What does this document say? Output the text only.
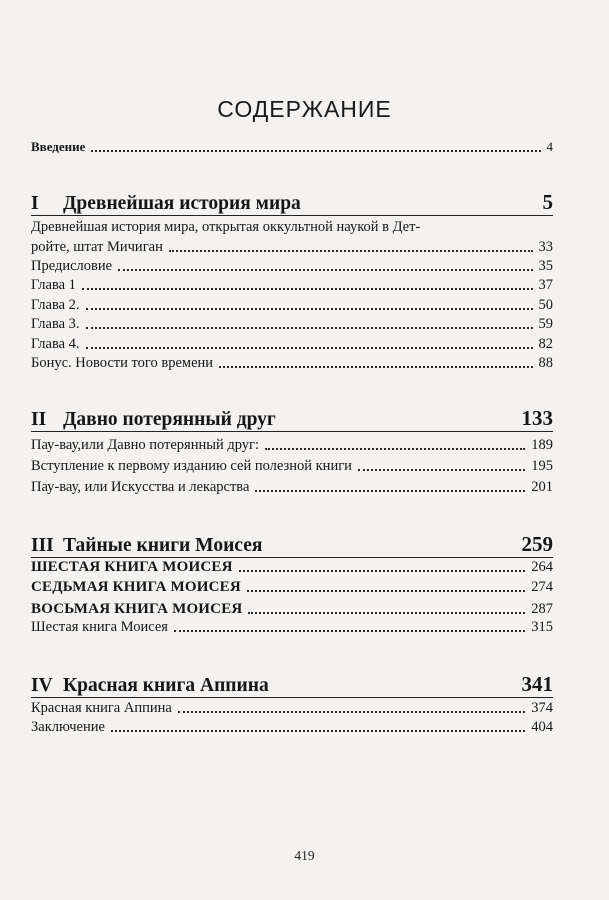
СОДЕРЖАНИЕ
Введение	4
I Древнейшая история мира	5
Древнейшая история мира, открытая оккультной наукой в Дет-
ройте, штат Мичиган	33
Предисловие	35
Глава 1	37
Глава 2.	50
Глава 3.	59
Глава 4.	82
Бонус. Новости того времени	88
II Давно потерянный друг	133
Пау-вау,или Давно потерянный друг:	189
Вступление к первому изданию сей полезной книги	195
Пау-вау, или Искусства и лекарства	201
III Тайные книги Моисея	259
ШЕСТАЯ КНИГА МОИСЕЯ	264
СЕДЬМАЯ КНИГА МОИСЕЯ	274
ВОСЬМАЯ КНИГА МОИСЕЯ	287
Шестая книга Моисея	315
IV Красная книга Аппина	341
Красная книга Аппина	374
Заключение	404
419
